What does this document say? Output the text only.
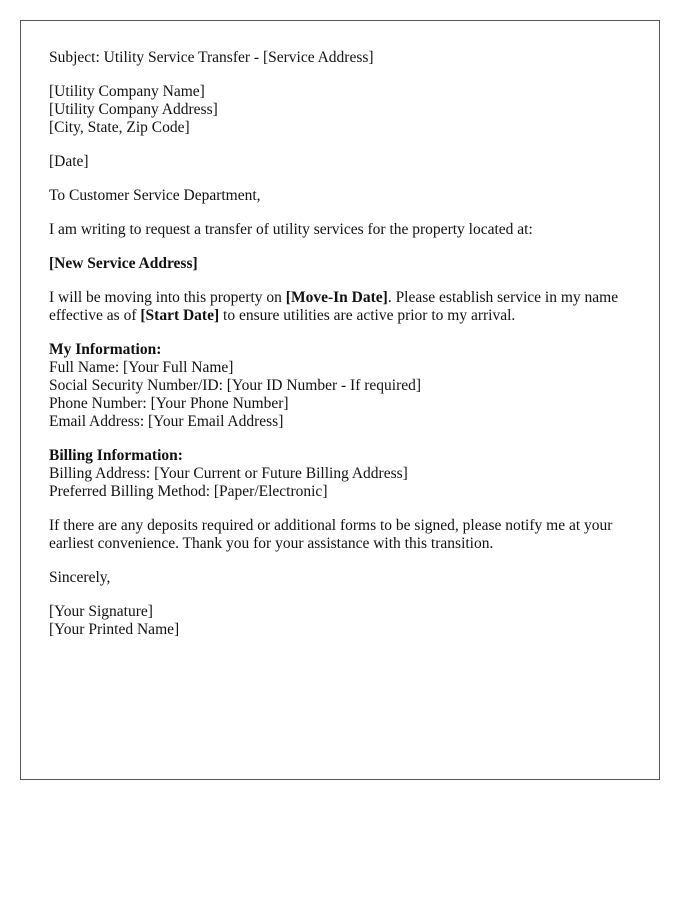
Subject: Utility Service Transfer - [Service Address]

[Utility Company Name]
[Utility Company Address]
[City, State, Zip Code]

[Date]

To Customer Service Department,

I am writing to request a transfer of utility services for the property located at:

[New Service Address]

I will be moving into this property on [Move-In Date]. Please establish service in my name effective as of [Start Date] to ensure utilities are active prior to my arrival.

My Information:
Full Name: [Your Full Name]
Social Security Number/ID: [Your ID Number - If required]
Phone Number: [Your Phone Number]
Email Address: [Your Email Address]

Billing Information:
Billing Address: [Your Current or Future Billing Address]
Preferred Billing Method: [Paper/Electronic]

If there are any deposits required or additional forms to be signed, please notify me at your earliest convenience. Thank you for your assistance with this transition.

Sincerely,

[Your Signature]
[Your Printed Name]
